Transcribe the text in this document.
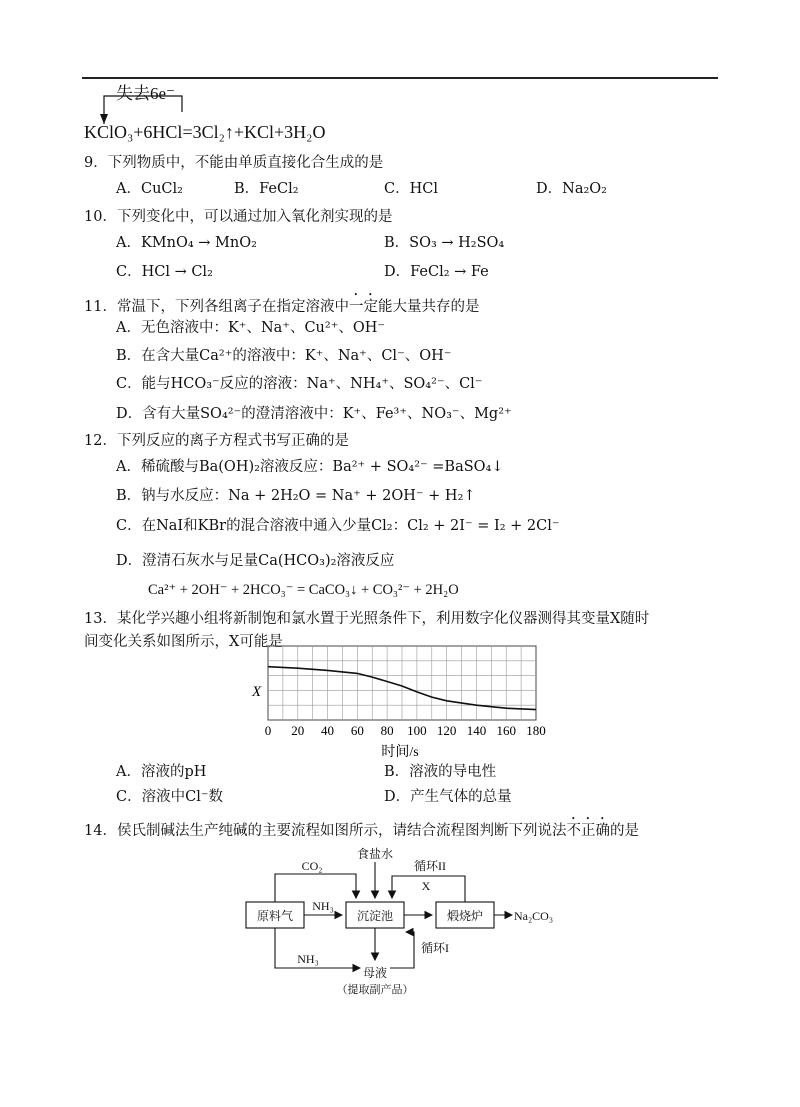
失去6e⁻
KClO₃+6HCl=3Cl₂↑+KCl+3H₂O
9．下列物质中，不能由单质直接化合生成的是
A．CuCl₂	B．FeCl₂	C．HCl	D．Na₂O₂
10．下列变化中，可以通过加入氧化剂实现的是
A．KMnO₄ → MnO₂	B．SO₃ → H₂SO₄
C．HCl → Cl₂	D．FeCl₂ → Fe
11．常温下，下列各组离子在指定溶液中一定能大量共存的是
A．无色溶液中：K⁺、Na⁺、Cu²⁺、OH⁻
B．在含大量Ca²⁺的溶液中：K⁺、Na⁺、Cl⁻、OH⁻
C．能与HCO₃⁻反应的溶液：Na⁺、NH₄⁺、SO₄²⁻、Cl⁻
D．含有大量SO₄²⁻的澄清溶液中：K⁺、Fe³⁺、NO₃⁻、Mg²⁺
12．下列反应的离子方程式书写正确的是
A．稀硫酸与Ba(OH)₂溶液反应：Ba²⁺ + SO₄²⁻ =BaSO₄↓
B．钠与水反应：Na + 2H₂O = Na⁺ + 2OH⁻ + H₂↑
C．在NaI和KBr的混合溶液中通入少量Cl₂：Cl₂ + 2I⁻ = I₂ + 2Cl⁻
D．澄清石灰水与足量Ca(HCO₃)₂溶液反应
Ca²⁺ + 2OH⁻ + 2HCO₃⁻ = CaCO₃↓ + CO₃²⁻ + 2H₂O
13．某化学兴趣小组将新制饱和氯水置于光照条件下，利用数字化仪器测得其变量X随时
间变化关系如图所示，X可能是
0 20 40 60 80 100 120 140 160 180
X
时间/s
A．溶液的pH	B．溶液的导电性
C．溶液中Cl⁻数	D．产生气体的总量
14．侯氏制碱法生产纯碱的主要流程如图所示，请结合流程图判断下列说法不正确的是
原料气	沉淀池	煅烧炉
CO₂
NH₃
食盐水
循环II
X
循环I
Na₂CO₃
NH₃
母液
（提取副产品）
